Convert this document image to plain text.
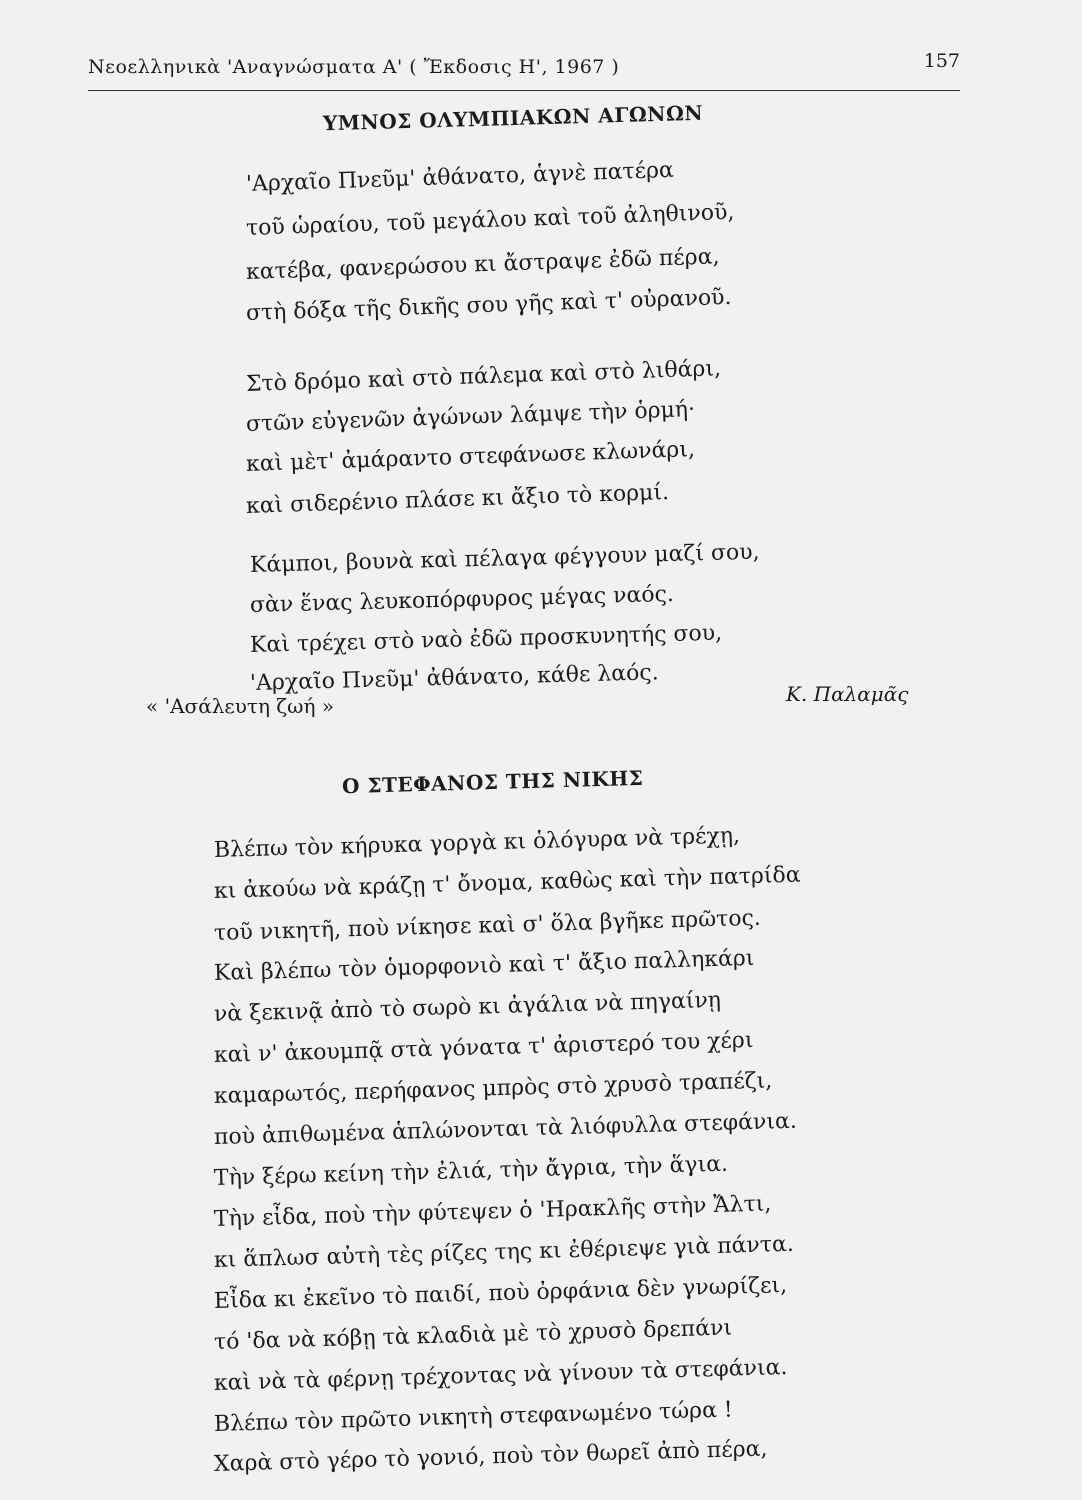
Νεοελληνικὰ 'Αναγνώσματα Α' ( Ἔκδοσις Η', 1967 )	157
ΥΜΝΟΣ ΟΛΥΜΠΙΑΚΩΝ ΑΓΩΝΩΝ
'Αρχαῖο Πνεῦμ' ἀθάνατο, ἁγνὲ πατέρα
τοῦ ὡραίου, τοῦ μεγάλου καὶ τοῦ ἀληθινοῦ,
κατέβα, φανερώσου κι ἄστραψε ἐδῶ πέρα,
στὴ δόξα τῆς δικῆς σου γῆς καὶ τ' οὐρανοῦ.
Στὸ δρόμο καὶ στὸ πάλεμα καὶ στὸ λιθάρι,
στῶν εὐγενῶν ἀγώνων λάμψε τὴν ὁρμή·
καὶ μὲτ' ἀμάραντο στεφάνωσε κλωνάρι,
καὶ σιδερένιο πλάσε κι ἄξιο τὸ κορμί.
Κάμποι, βουνὰ καὶ πέλαγα φέγγουν μαζί σου,
σὰν ἕνας λευκοπόρφυρος μέγας ναός.
Καὶ τρέχει στὸ ναὸ ἐδῶ προσκυνητής σου,
'Αρχαῖο Πνεῦμ' ἀθάνατο, κάθε λαός.	Κ. Παλαμᾶς
« 'Ασάλευτη ζωή »
Ο ΣΤΕΦΑΝΟΣ ΤΗΣ ΝΙΚΗΣ
Βλέπω τὸν κήρυκα γοργὰ κι ὁλόγυρα νὰ τρέχῃ,
κι ἀκούω νὰ κράζῃ τ' ὄνομα, καθὼς καὶ τὴν πατρίδα
τοῦ νικητῆ, ποὺ νίκησε καὶ σ' ὅλα βγῆκε πρῶτος.
Καὶ βλέπω τὸν ὁμορφονιὸ καὶ τ' ἄξιο παλληκάρι
νὰ ξεκινᾷ ἀπὸ τὸ σωρὸ κι ἀγάλια νὰ πηγαίνῃ
καὶ ν' ἀκουμπᾷ στὰ γόνατα τ' ἀριστερό του χέρι
καμαρωτός, περήφανος μπρὸς στὸ χρυσὸ τραπέζι,
ποὺ ἀπιθωμένα ἁπλώνονται τὰ λιόφυλλα στεφάνια.
Τὴν ξέρω κείνη τὴν ἐλιά, τὴν ἄγρια, τὴν ἅγια.
Τὴν εἶδα, ποὺ τὴν φύτεψεν ὁ 'Ηρακλῆς στὴν Ἄλτι,
κι ἅπλωσ αὐτὴ τὲς ρίζες της κι ἐθέριεψε γιὰ πάντα.
Εἶδα κι ἐκεῖνο τὸ παιδί, ποὺ ὀρφάνια δὲν γνωρίζει,
τό 'δα νὰ κόβῃ τὰ κλαδιὰ μὲ τὸ χρυσὸ δρεπάνι
καὶ νὰ τὰ φέρνῃ τρέχοντας νὰ γίνουν τὰ στεφάνια.
Βλέπω τὸν πρῶτο νικητὴ στεφανωμένο τώρα !
Χαρὰ στὸ γέρο τὸ γονιό, ποὺ τὸν θωρεῖ ἀπὸ πέρα,
